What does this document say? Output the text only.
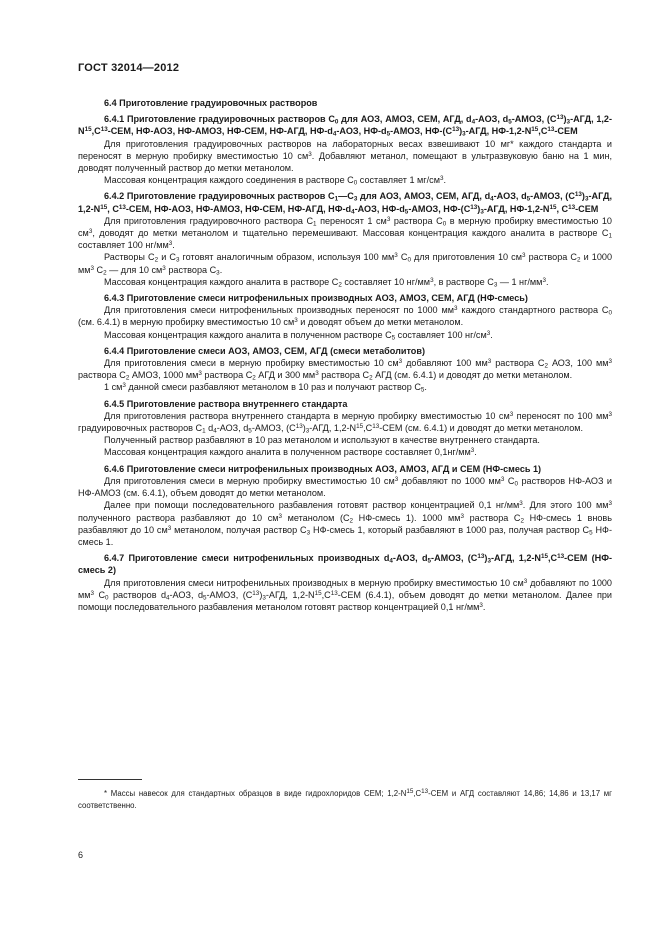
ГОСТ 32014—2012

6.4 Приготовление градуировочных растворов

6.4.1 Приготовление градуировочных растворов $C_0$ для АОЗ, АМОЗ, СЕМ, АГД, $d_4$-АОЗ, $d_5$-АМОЗ, $(C^{13})_3$-АГД, $1,2-N^{15},C^{13}$-СЕМ, НФ-АОЗ, НФ-АМОЗ, НФ-СЕМ, НФ-АГД, $НФ-d_4$-АОЗ, $НФ-d_5$-АМОЗ, $НФ-(C^{13})_3$-АГД, $НФ-1,2-N^{15},C^{13}$-СЕМ

Для приготовления градуировочных растворов на лабораторных весах взвешивают 10 мг* каждого стандарта и переносят в мерную пробирку вместимостью 10 $см^3$. Добавляют метанол, помещают в ультразвуковую баню на 1 мин, доводят полученный раствор до метки метанолом.

Массовая концентрация каждого соединения в растворе $C_0$ составляет 1 $мг/см^3$.

6.4.2 Приготовление градуировочных растворов $C_1—C_3$ для АОЗ, АМОЗ, СЕМ, АГД, $d_4$-АОЗ, $d_5$-АМОЗ, $(C^{13})_3$-АГД, $1,2-N^{15}$, $C^{13}$-СЕМ, НФ-АОЗ, НФ-АМОЗ, НФ-СЕМ, НФ-АГД, $НФ-d_4$-АОЗ, $НФ-d_5$-АМОЗ, $НФ-(C^{13})_3$-АГД, $НФ-1,2-N^{15}$, $C^{13}$-СЕМ

Для приготовления градуировочного раствора $C_1$ переносят 1 $см^3$ раствора $C_0$ в мерную пробирку вместимостью 10 $см^3$, доводят до метки метанолом и тщательно перемешивают. Массовая концентрация каждого аналита в растворе $C_1$ составляет 100 $нг/мм^3$.

Растворы $C_2$ и $C_3$ готовят аналогичным образом, используя 100 $мм^3$ $C_0$ для приготовления 10 $см^3$ раствора $C_2$ и 1000 $мм^3$ $C_2$ — для 10 $см^3$ раствора $C_3$.

Массовая концентрация каждого аналита в растворе $C_2$ составляет 10 $нг/мм^3$, в растворе $C_3$ — 1 $нг/мм^3$.

6.4.3 Приготовление смеси нитрофенильных производных АОЗ, АМОЗ, СЕМ, АГД (НФ-смесь)

Для приготовления смеси нитрофенильных производных переносят по 1000 $мм^3$ каждого стандартного раствора $C_0$ (см. 6.4.1) в мерную пробирку вместимостью 10 $см^3$ и доводят объем до метки метанолом.

Массовая концентрация каждого аналита в полученном растворе $C_5$ составляет 100 $нг/см^3$.

6.4.4 Приготовление смеси АОЗ, АМОЗ, СЕМ, АГД (смеси метаболитов)

Для приготовления смеси в мерную пробирку вместимостью 10 $см^3$ добавляют 100 $мм^3$ раствора $C_2$ АОЗ, 100 $мм^3$ раствора $C_2$ АМОЗ, 1000 $мм^3$ раствора $C_2$ АГД и 300 $мм^3$ раствора $C_2$ АГД (см. 6.4.1) и доводят до метки метанолом.

1 $см^3$ данной смеси разбавляют метанолом в 10 раз и получают раствор $C_5$.

6.4.5 Приготовление раствора внутреннего стандарта

Для приготовления раствора внутреннего стандарта в мерную пробирку вместимостью 10 $см^3$ переносят по 100 $мм^3$ градуировочных растворов $C_1$ $d_4$-АОЗ, $d_5$-АМОЗ, $(C^{13})_3$-АГД, $1,2-N^{15},C^{13}$-СЕМ (см. 6.4.1) и доводят до метки метанолом.

Полученный раствор разбавляют в 10 раз метанолом и используют в качестве внутреннего стандарта.

Массовая концентрация каждого аналита в полученном растворе составляет $0,1нг/мм^3$.

6.4.6 Приготовление смеси нитрофенильных производных АОЗ, АМОЗ, АГД и СЕМ (НФ-смесь 1)

Для приготовления смеси в мерную пробирку вместимостью 10 $см^3$ добавляют по 1000 $мм^3$ $C_0$ растворов НФ-АОЗ и НФ-АМОЗ (см. 6.4.1), объем доводят до метки метанолом.

Далее при помощи последовательного разбавления готовят раствор концентрацией 0,1 $нг/мм^3$. Для этого 100 $мм^3$ полученного раствора разбавляют до 10 $см^3$ метанолом ($C_2$ НФ-смесь 1). 1000 $мм^3$ раствора $C_2$ НФ-смесь 1 вновь разбавляют до 10 $см^3$ метанолом, получая раствор $C_3$ НФ-смесь 1, который разбавляют в 1000 раз, получая раствор $C_5$ НФ-смесь 1.

6.4.7 Приготовление смеси нитрофенильных производных $d_4$-АОЗ, $d_5$-АМОЗ, $(C^{13})_3$-АГД, $1,2-N^{15},C^{13}$-СЕМ (НФ-смесь 2)

Для приготовления смеси нитрофенильных производных в мерную пробирку вместимостью 10 $см^3$ добавляют по 1000 $мм^3$ $C_0$ растворов $d_4$-АОЗ, $d_5$-АМОЗ, $(C^{13})_3$-АГД, $1,2-N^{15},C^{13}$-СЕМ (6.4.1), объем доводят до метки метанолом. Далее при помощи последовательного разбавления метанолом готовят раствор концентрацией 0,1 $нг/мм^3$.

* Массы навесок для стандартных образцов в виде гидрохлоридов СЕМ; $1,2-N^{15},C^{13}$-СЕМ и АГД составляют 14,86; 14,86 и 13,17 мг соответственно.
6
